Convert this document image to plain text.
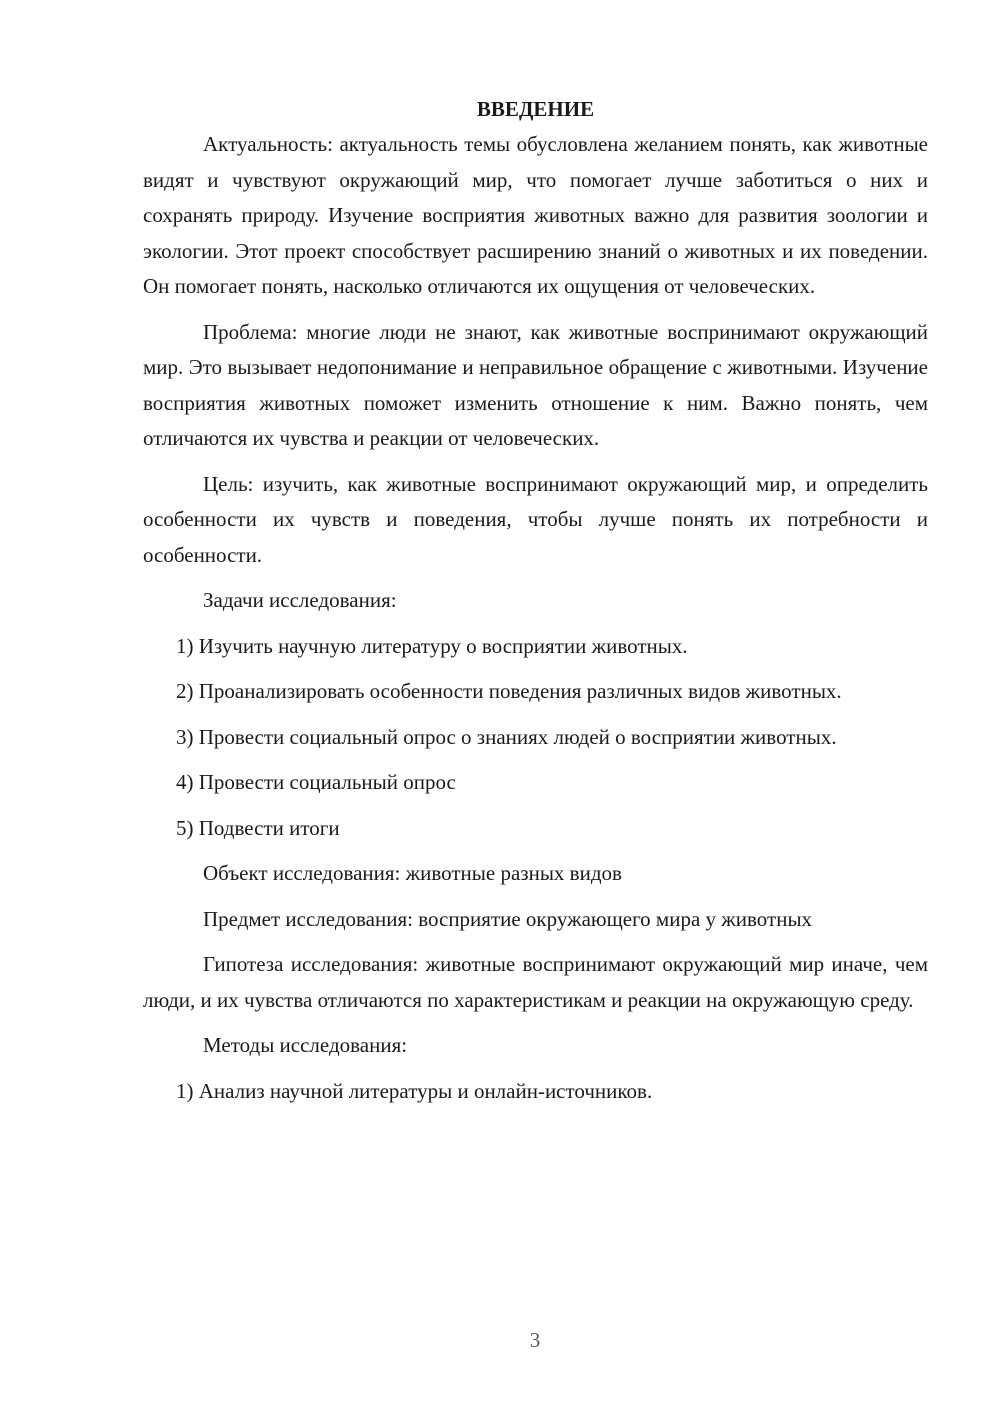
ВВЕДЕНИЕ

Актуальность: актуальность темы обусловлена желанием понять, как животные видят и чувствуют окружающий мир, что помогает лучше заботиться о них и сохранять природу. Изучение восприятия животных важно для развития зоологии и экологии. Этот проект способствует расширению знаний о животных и их поведении. Он помогает понять, насколько отличаются их ощущения от человеческих.

Проблема: многие люди не знают, как животные воспринимают окружающий мир. Это вызывает недопонимание и неправильное обращение с животными. Изучение восприятия животных поможет изменить отношение к ним. Важно понять, чем отличаются их чувства и реакции от человеческих.

Цель: изучить, как животные воспринимают окружающий мир, и определить особенности их чувств и поведения, чтобы лучше понять их потребности и особенности.

Задачи исследования:

1) Изучить научную литературу о восприятии животных.

2) Проанализировать особенности поведения различных видов животных.

3) Провести социальный опрос о знаниях людей о восприятии животных.

4) Провести социальный опрос

5) Подвести итоги

Объект исследования: животные разных видов

Предмет исследования: восприятие окружающего мира у животных

Гипотеза исследования: животные воспринимают окружающий мир иначе, чем люди, и их чувства отличаются по характеристикам и реакции на окружающую среду.

Методы исследования:

1) Анализ научной литературы и онлайн-источников.

3
